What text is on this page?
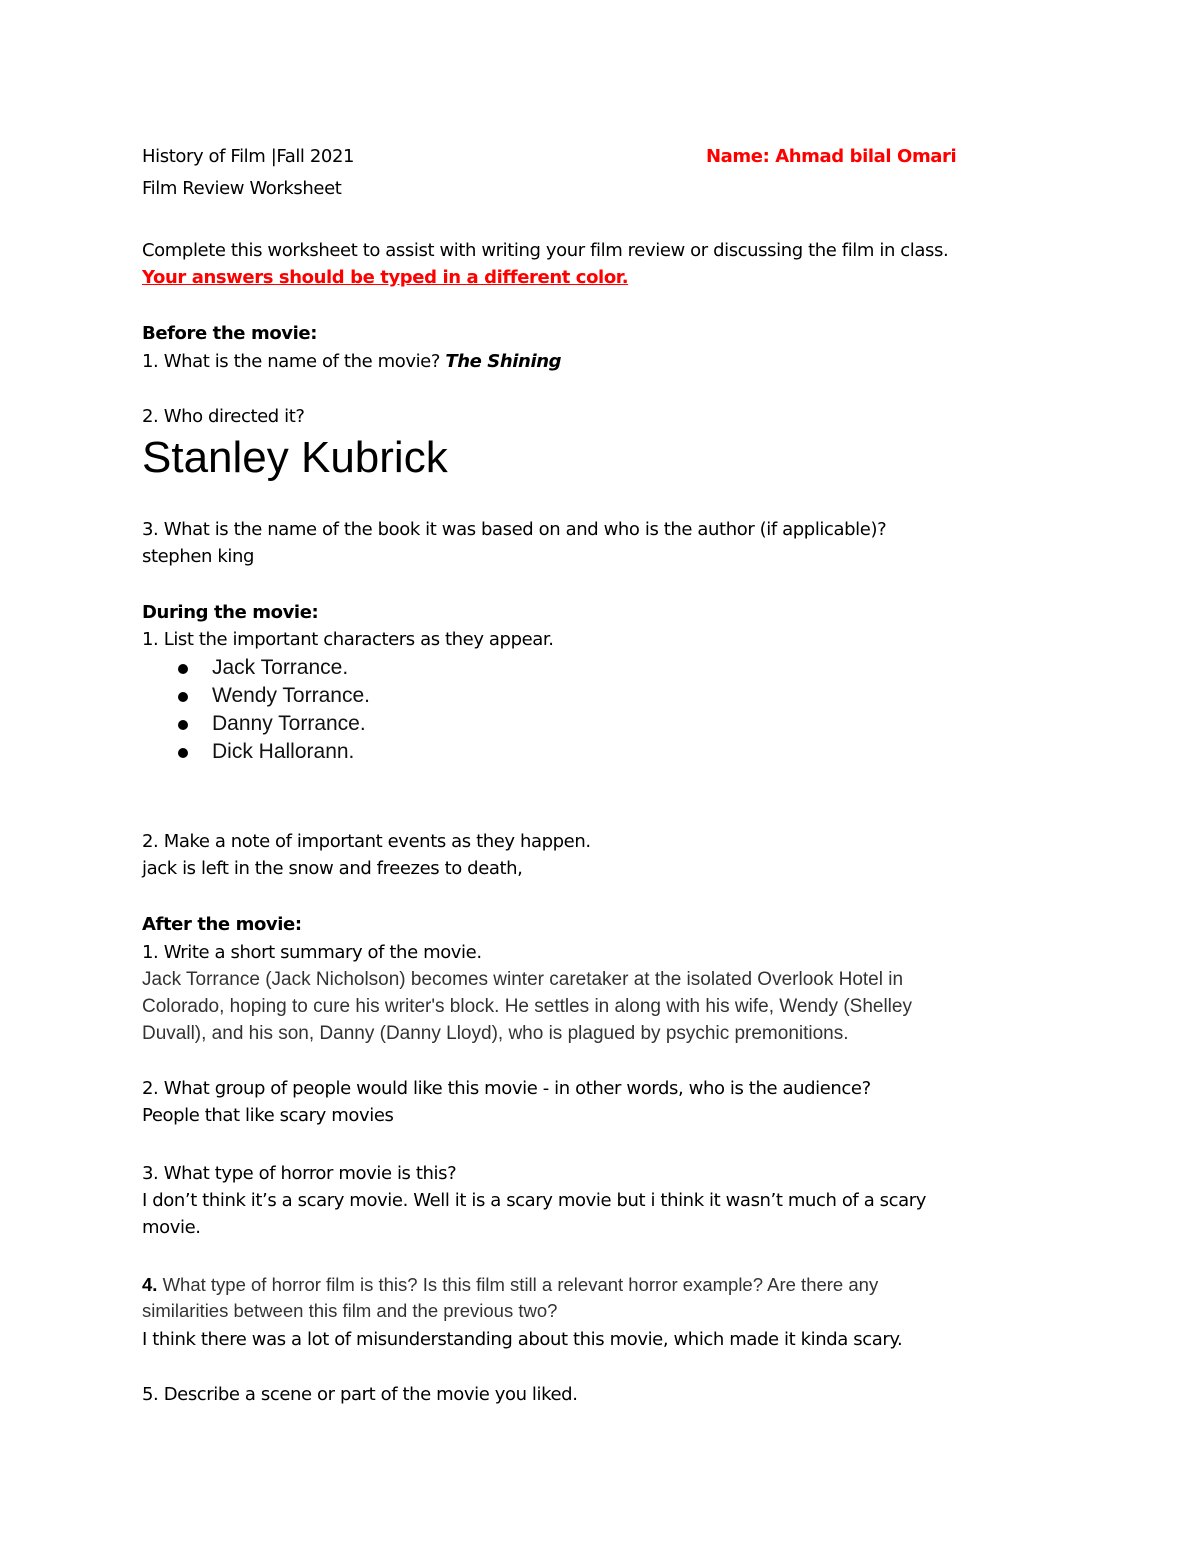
History of Film |Fall 2021	Name: Ahmad bilal Omari
Film Review Worksheet
Complete this worksheet to assist with writing your film review or discussing the film in class.
Your answers should be typed in a different color.
Before the movie:
1. What is the name of the movie? The Shining
2. Who directed it?
Stanley Kubrick
3. What is the name of the book it was based on and who is the author (if applicable)?
stephen king
During the movie:
1. List the important characters as they appear.
Jack Torrance.
Wendy Torrance.
Danny Torrance.
Dick Hallorann.
2. Make a note of important events as they happen.
jack is left in the snow and freezes to death,
After the movie:
1. Write a short summary of the movie.
Jack Torrance (Jack Nicholson) becomes winter caretaker at the isolated Overlook Hotel in
Colorado, hoping to cure his writer's block. He settles in along with his wife, Wendy (Shelley
Duvall), and his son, Danny (Danny Lloyd), who is plagued by psychic premonitions.
2. What group of people would like this movie - in other words, who is the audience?
People that like scary movies
3. What type of horror movie is this?
I don’t think it’s a scary movie. Well it is a scary movie but i think it wasn’t much of a scary
movie.
4. What type of horror film is this? Is this film still a relevant horror example? Are there any
similarities between this film and the previous two?
I think there was a lot of misunderstanding about this movie, which made it kinda scary.
5. Describe a scene or part of the movie you liked.
